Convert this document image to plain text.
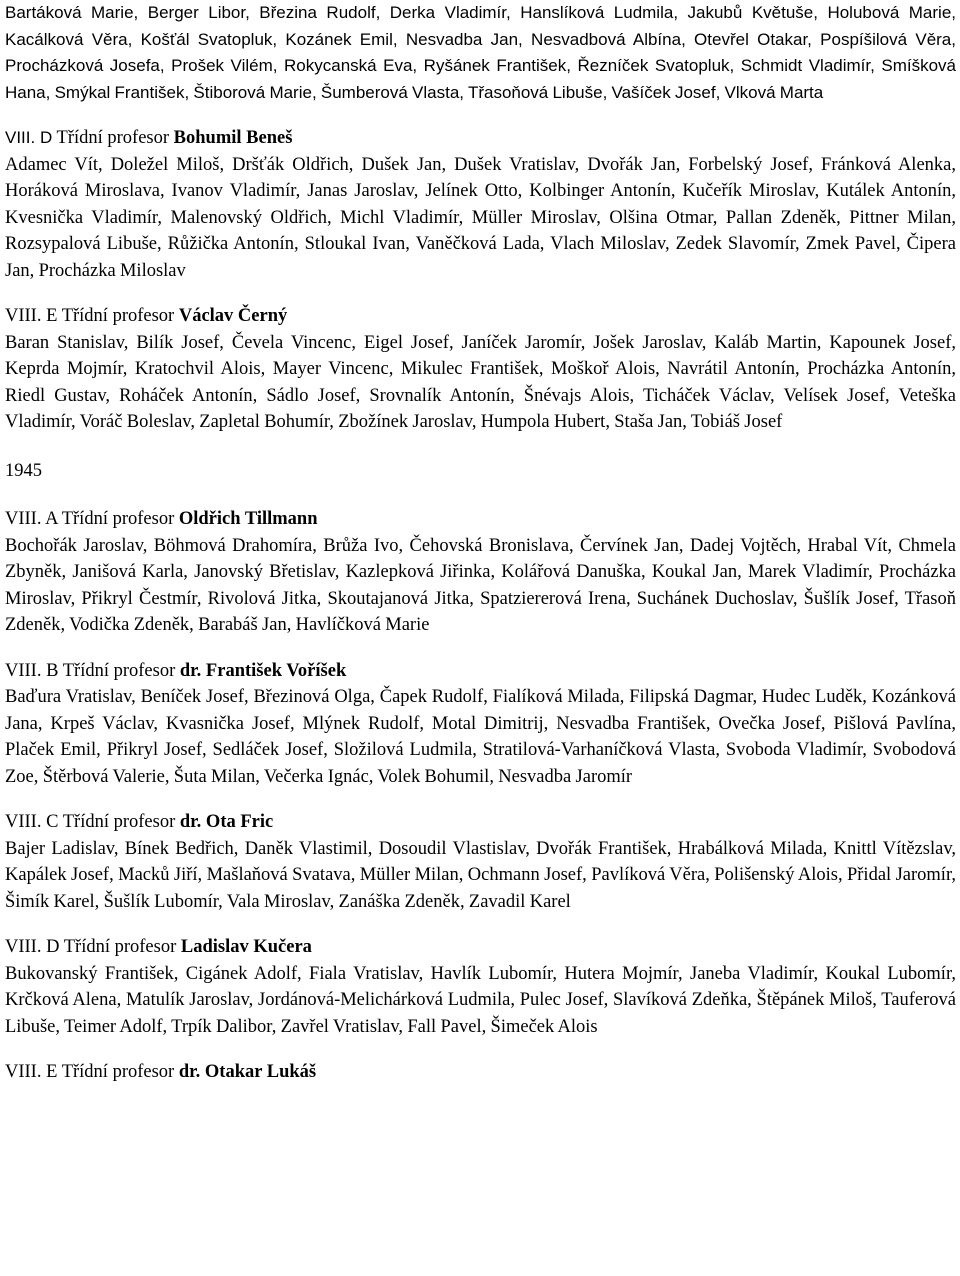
Bartáková Marie, Berger Libor, Březina Rudolf, Derka Vladimír, Hanslíková Ludmila, Jakubů Květuše, Holubová Marie, Kacálková Věra, Košťál Svatopluk, Kozánek Emil, Nesvadba Jan, Nesvadbová Albína, Otevřel Otakar, Pospíšilová Věra, Procházková Josefa, Prošek Vilém, Rokycanská Eva, Ryšánek František, Řezníček Svatopluk, Schmidt Vladimír, Smíšková Hana, Smýkal František, Štiborová Marie, Šumberová Vlasta, Třasoňová Libuše, Vašíček Josef, Vlková Marta

VIII. D Třídní profesor Bohumil Beneš

Adamec Vít, Doležel Miloš, Dršťák Oldřich, Dušek Jan, Dušek Vratislav, Dvořák Jan, Forbelský Josef, Fránková Alenka, Horáková Miroslava, Ivanov Vladimír, Janas Jaroslav, Jelínek Otto, Kolbinger Antonín, Kučeřík Miroslav, Kutálek Antonín, Kvesnička Vladimír, Malenovský Oldřich, Michl Vladimír, Müller Miroslav, Olšina Otmar, Pallan Zdeněk, Pittner Milan, Rozsypalová Libuše, Růžička Antonín, Stloukal Ivan, Vaněčková Lada, Vlach Miloslav, Zedek Slavomír, Zmek Pavel, Čipera Jan, Procházka Miloslav

VIII. E Třídní profesor Václav Černý

Baran Stanislav, Bilík Josef, Čevela Vincenc, Eigel Josef, Janíček Jaromír, Jošek Jaroslav, Kaláb Martin, Kapounek Josef, Keprda Mojmír, Kratochvil Alois, Mayer Vincenc, Mikulec František, Moškoř Alois, Navrátil Antonín, Procházka Antonín, Riedl Gustav, Roháček Antonín, Sádlo Josef, Srovnalík Antonín, Šnévajs Alois, Ticháček Václav, Velísek Josef, Veteška Vladimír, Voráč Boleslav, Zapletal Bohumír, Zbožínek Jaroslav, Humpola Hubert, Staša Jan, Tobiáš Josef

1945

VIII. A Třídní profesor Oldřich Tillmann

Bochořák Jaroslav, Böhmová Drahomíra, Brůža Ivo, Čehovská Bronislava, Červínek Jan, Dadej Vojtěch, Hrabal Vít, Chmela Zbyněk, Janišová Karla, Janovský Břetislav, Kazlepková Jiřinka, Kolářová Danuška, Koukal Jan, Marek Vladimír, Procházka Miroslav, Přikryl Čestmír, Rivolová Jitka, Skoutajanová Jitka, Spatziererová Irena, Suchánek Duchoslav, Šušlík Josef, Třasoň Zdeněk, Vodička Zdeněk, Barabáš Jan, Havlíčková Marie

VIII. B Třídní profesor dr. František Voříšek

Baďura Vratislav, Beníček Josef, Březinová Olga, Čapek Rudolf, Fialíková Milada, Filipská Dagmar, Hudec Luděk, Kozánková Jana, Krpeš Václav, Kvasnička Josef, Mlýnek Rudolf, Motal Dimitrij, Nesvadba František, Ovečka Josef, Pišlová Pavlína, Plaček Emil, Přikryl Josef, Sedláček Josef, Složilová Ludmila, Stratilová-Varhaníčková Vlasta, Svoboda Vladimír, Svobodová Zoe, Štěrbová Valerie, Šuta Milan, Večerka Ignác, Volek Bohumil, Nesvadba Jaromír

VIII. C Třídní profesor dr. Ota Fric

Bajer Ladislav, Bínek Bedřich, Daněk Vlastimil, Dosoudil Vlastislav, Dvořák František, Hrabálková Milada, Knittl Vítězslav, Kapálek Josef, Macků Jiří, Mašlaňová Svatava, Müller Milan, Ochmann Josef, Pavlíková Věra, Polišenský Alois, Přidal Jaromír, Šimík Karel, Šušlík Lubomír, Vala Miroslav, Zanáška Zdeněk, Zavadil Karel

VIII. D Třídní profesor Ladislav Kučera

Bukovanský František, Cigánek Adolf, Fiala Vratislav, Havlík Lubomír, Hutera Mojmír, Janeba Vladimír, Koukal Lubomír, Krčková Alena, Matulík Jaroslav, Jordánová-Melichárková Ludmila, Pulec Josef, Slavíková Zdeňka, Štěpánek Miloš, Tauferová Libuše, Teimer Adolf, Trpík Dalibor, Zavřel Vratislav, Fall Pavel, Šimeček Alois

VIII. E Třídní profesor dr. Otakar Lukáš
